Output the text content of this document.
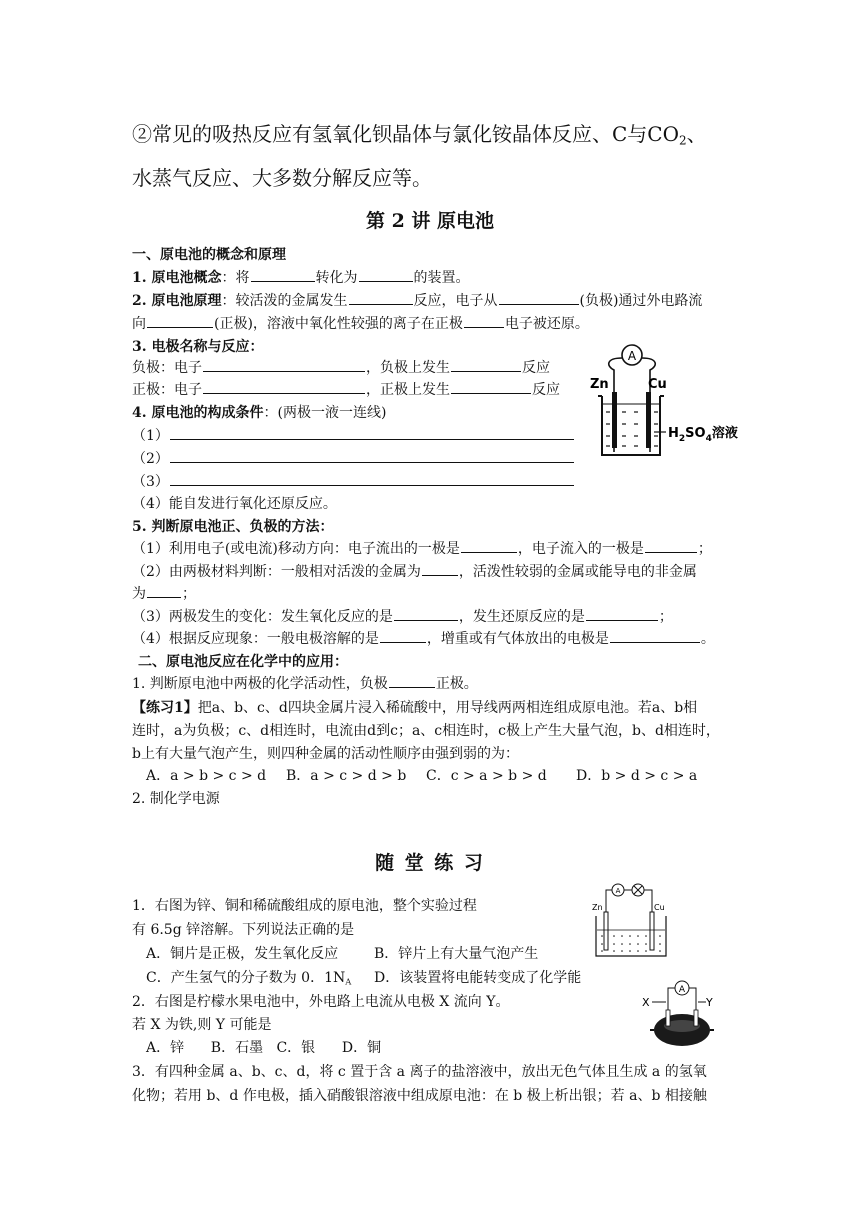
②常见的吸热反应有氢氧化钡晶体与氯化铵晶体反应、C与$CO_2$、
水蒸气反应、大多数分解反应等。
第 2 讲 原电池
一、原电池的概念和原理
1. 原电池概念：将	转化为	的装置。
2. 原电池原理：较活泼的金属发生	反应，电子从	(负极)通过外电路流
向	(正极)，溶液中氧化性较强的离子在正极	电子被还原。
3. 电极名称与反应：
负极：电子	，负极上发生	反应
正极：电子	，正极上发生	反应
4. 原电池的构成条件：(两极一液一连线)
（1）
（2）
（3）
（4）能自发进行氧化还原反应。
5. 判断原电池正、负极的方法：
（1）利用电子(或电流)移动方向：电子流出的一极是	，电子流入的一极是	；
（2）由两极材料判断：一般相对活泼的金属为	，活泼性较弱的金属或能导电的非金属
为	；
（3）两极发生的变化：发生氧化反应的是	，发生还原反应的是	；
（4）根据反应现象：一般电极溶解的是	，增重或有气体放出的电极是	。
二、原电池反应在化学中的应用：
1. 判断原电池中两极的化学活动性，负极	正极。
【练习1】把a、b、c、d四块金属片浸入稀硫酸中，用导线两两相连组成原电池。若a、b相
连时，a为负极；c、d相连时，电流由d到c；a、c相连时，c极上产生大量气泡，b、d相连时，
b上有大量气泡产生，则四种金属的活动性顺序由强到弱的为：
A．a > b > c > d B．a > c > d > b C．c > a > b > d D．b > d > c > a
2. 制化学电源
A
Zn	Cu
$H_2SO_4$溶液
随 堂 练 习
1．右图为锌、铜和稀硫酸组成的原电池，整个实验过程
有 6.5g 锌溶解。下列说法正确的是
A．铜片是正极，发生氧化反应	B．锌片上有大量气泡产生
C．产生氢气的分子数为 0．$1N_A$ D．该装置将电能转变成了化学能
2．右图是柠檬水果电池中，外电路上电流从电极 X 流向 Y。
若 X 为铁,则 Y 可能是
A．锌      B．石墨   C．银      D．铜
3．有四种金属 a、b、c、d，将 c 置于含 a 离子的盐溶液中，放出无色气体且生成 a 的氢氧
化物；若用 b、d 作电极，插入硝酸银溶液中组成原电池：在 b 极上析出银；若 a、b 相接触
A
Zn	Cu
A
X	Y
